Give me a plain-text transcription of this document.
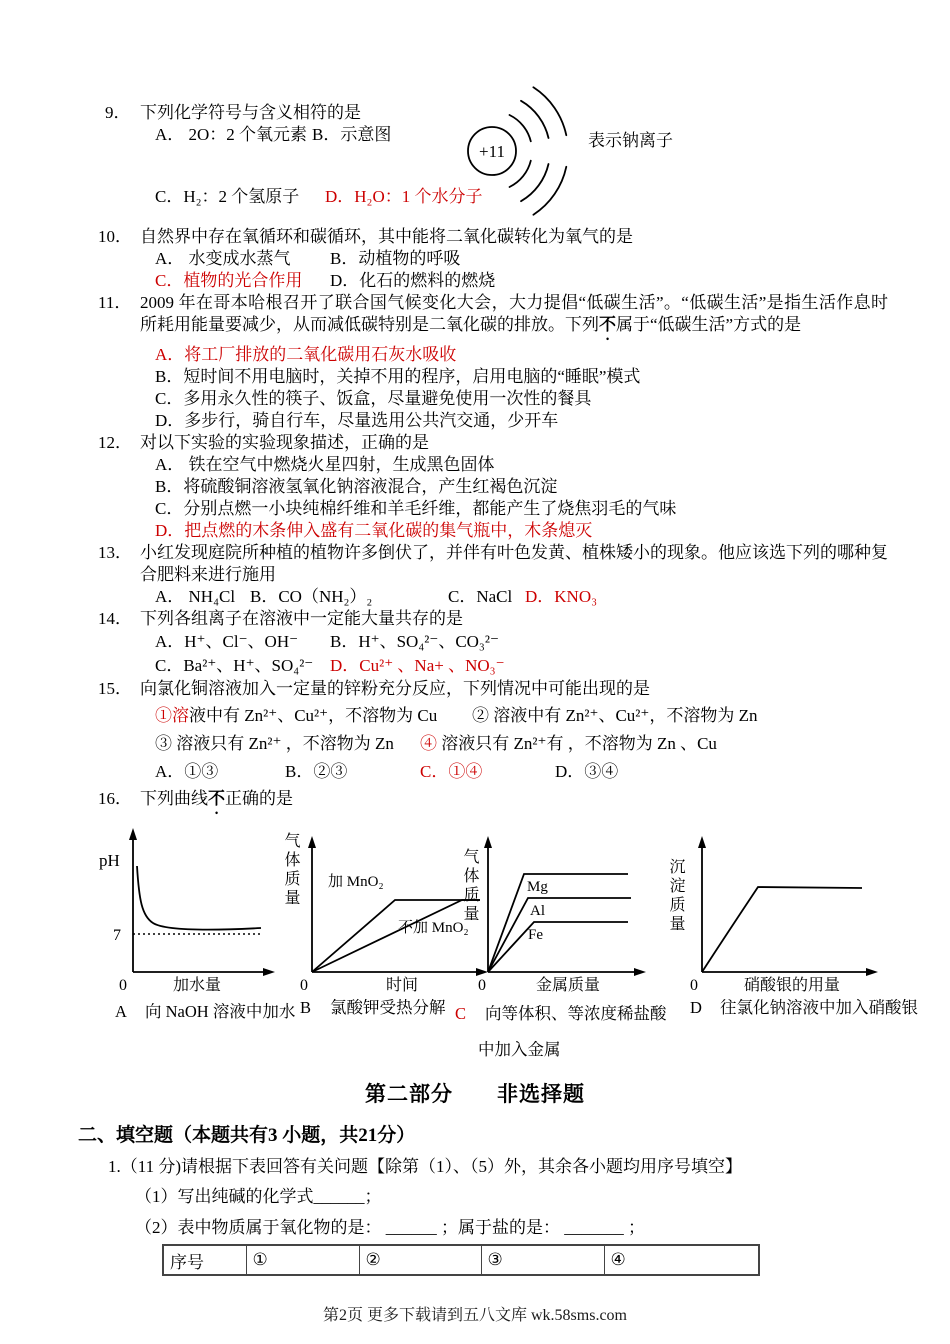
+11
表示钠离子
9． 下列化学符号与含义相符的是
A． 2O：2 个氧元素 B．示意图
C．H₂：2 个氢原子 D．H₂O：1 个水分子
10． 自然界中存在氧循环和碳循环，其中能将二氧化碳转化为氧气的是
A． 水变成水蒸气 B．动植物的呼吸
C．植物的光合作用 D．化石的燃料的燃烧
11． 2009 年在哥本哈根召开了联合国气候变化大会，大力提倡“低碳生活”。“低碳生活”是指生活作息时所耗用能量要减少，从而减低碳特别是二氧化碳的排放。下列不属于“低碳生活”方式的是
A．将工厂排放的二氧化碳用石灰水吸收
B．短时间不用电脑时，关掉不用的程序，启用电脑的“睡眠”模式
C．多用永久性的筷子、饭盒，尽量避免使用一次性的餐具
D．多步行，骑自行车，尽量选用公共汽交通，少开车
12． 对以下实验的实验现象描述，正确的是
A． 铁在空气中燃烧火星四射，生成黑色固体
B．将硫酸铜溶液氢氧化钠溶液混合，产生红褐色沉淀
C．分别点燃一小块纯棉纤维和羊毛纤维，都能产生了烧焦羽毛的气味
D．把点燃的木条伸入盛有二氧化碳的集气瓶中，木条熄灭
13． 小红发现庭院所种植的植物许多倒伏了，并伴有叶色发黄、植株矮小的现象。他应该选下列的哪种复合肥料来进行施用
A． NH₄Cl B．CO（NH₂）₂	C．NaCl D．KNO₃
14． 下列各组离子在溶液中一定能大量共存的是
A．H⁺、Cl⁻、OH⁻ B．H⁺、SO₄²⁻、CO₃²⁻
C．Ba²⁺、H⁺、SO₄²⁻ D．Cu²⁺ 、Na+ 、NO₃⁻
15． 向氯化铜溶液加入一定量的锌粉充分反应，下列情况中可能出现的是
①溶液中有 Zn²⁺、Cu²⁺，不溶物为 Cu ② 溶液中有 Zn²⁺、Cu²⁺，不溶物为 Zn
③ 溶液只有 Zn²⁺ ，不溶物为 Zn ④ 溶液只有 Zn²⁺有 ，不溶物为 Zn 、Cu
A．①③	B．②③	C．①④	D．③④
16． 下列曲线不正确的是
pH
7
0	加水量
A 向 NaOH 溶液中加水
气体质量 加 MnO₂
不加 MnO₂
0	时间
B 氯酸钾受热分解
气体质量	Mg
Al
Fe
0	金属质量
C 向等体积、等浓度稀盐酸
中加入金属
沉淀质量
0	硝酸银的用量
D 往氯化钠溶液中加入硝酸银
第二部分　　非选择题
二、填空题（本题共有3 小题，共21分）
1.（11 分)请根据下表回答有关问题【除第（1）、（5）外，其余各小题均用序号填空】
（1）写出纯碱的化学式______；
（2）表中物质属于氧化物的是： ______ ；属于盐的是： _______ ；
序号	①	②	③	④
第2页 更多下载请到五八文库 wk.58sms.com
